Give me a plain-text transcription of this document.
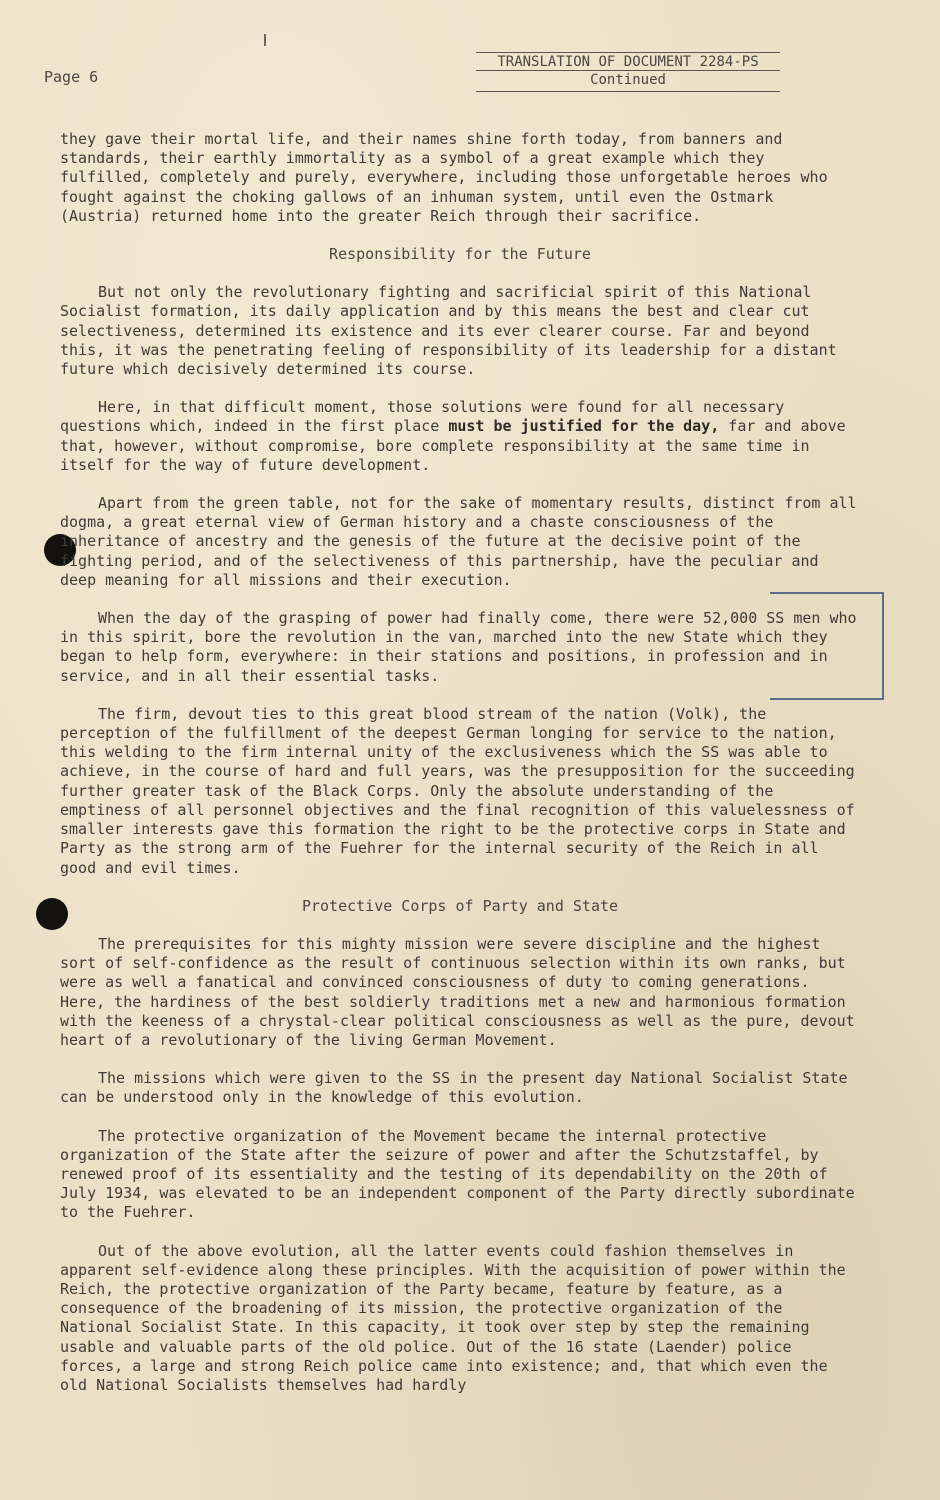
Page 6
TRANSLATION OF DOCUMENT 2284-PS
Continued

they gave their mortal life, and their names shine forth today, from banners and standards, their earthly immortality as a symbol of a great example which they fulfilled, completely and purely, everywhere, including those unforgetable heroes who fought against the choking gallows of an inhuman system, until even the Ostmark (Austria) returned home into the greater Reich through their sacrifice.

Responsibility for the Future

But not only the revolutionary fighting and sacrificial spirit of this National Socialist formation, its daily application and by this means the best and clear cut selectiveness, determined its existence and its ever clearer course. Far and beyond this, it was the penetrating feeling of responsibility of its leadership for a distant future which decisively determined its course.

Here, in that difficult moment, those solutions were found for all necessary questions which, indeed in the first place must be justified for the day, far and above that, however, without compromise, bore complete responsibility at the same time in itself for the way of future development.

Apart from the green table, not for the sake of momentary results, distinct from all dogma, a great eternal view of German history and a chaste consciousness of the inheritance of ancestry and the genesis of the future at the decisive point of the fighting period, and of the selectiveness of this partnership, have the peculiar and deep meaning for all missions and their execution.

When the day of the grasping of power had finally come, there were 52,000 SS men who in this spirit, bore the revolution in the van, marched into the new State which they began to help form, everywhere: in their stations and positions, in profession and in service, and in all their essential tasks.

The firm, devout ties to this great blood stream of the nation (Volk), the perception of the fulfillment of the deepest German longing for service to the nation, this welding to the firm internal unity of the exclusiveness which the SS was able to achieve, in the course of hard and full years, was the presupposition for the succeeding further greater task of the Black Corps. Only the absolute understanding of the emptiness of all personnel objectives and the final recognition of this valuelessness of smaller interests gave this formation the right to be the protective corps in State and Party as the strong arm of the Fuehrer for the internal security of the Reich in all good and evil times.

Protective Corps of Party and State

The prerequisites for this mighty mission were severe discipline and the highest sort of self-confidence as the result of continuous selection within its own ranks, but were as well a fanatical and convinced consciousness of duty to coming generations. Here, the hardiness of the best soldierly traditions met a new and harmonious formation with the keeness of a chrystal-clear political consciousness as well as the pure, devout heart of a revolutionary of the living German Movement.

The missions which were given to the SS in the present day National Socialist State can be understood only in the knowledge of this evolution.

The protective organization of the Movement became the internal protective organization of the State after the seizure of power and after the Schutzstaffel, by renewed proof of its essentiality and the testing of its dependability on the 20th of July 1934, was elevated to be an independent component of the Party directly subordinate to the Fuehrer.

Out of the above evolution, all the latter events could fashion themselves in apparent self-evidence along these principles. With the acquisition of power within the Reich, the protective organization of the Party became, feature by feature, as a consequence of the broadening of its mission, the protective organization of the National Socialist State. In this capacity, it took over step by step the remaining usable and valuable parts of the old police. Out of the 16 state (Laender) police forces, a large and strong Reich police came into existence; and, that which even the old National Socialists themselves had hardly
